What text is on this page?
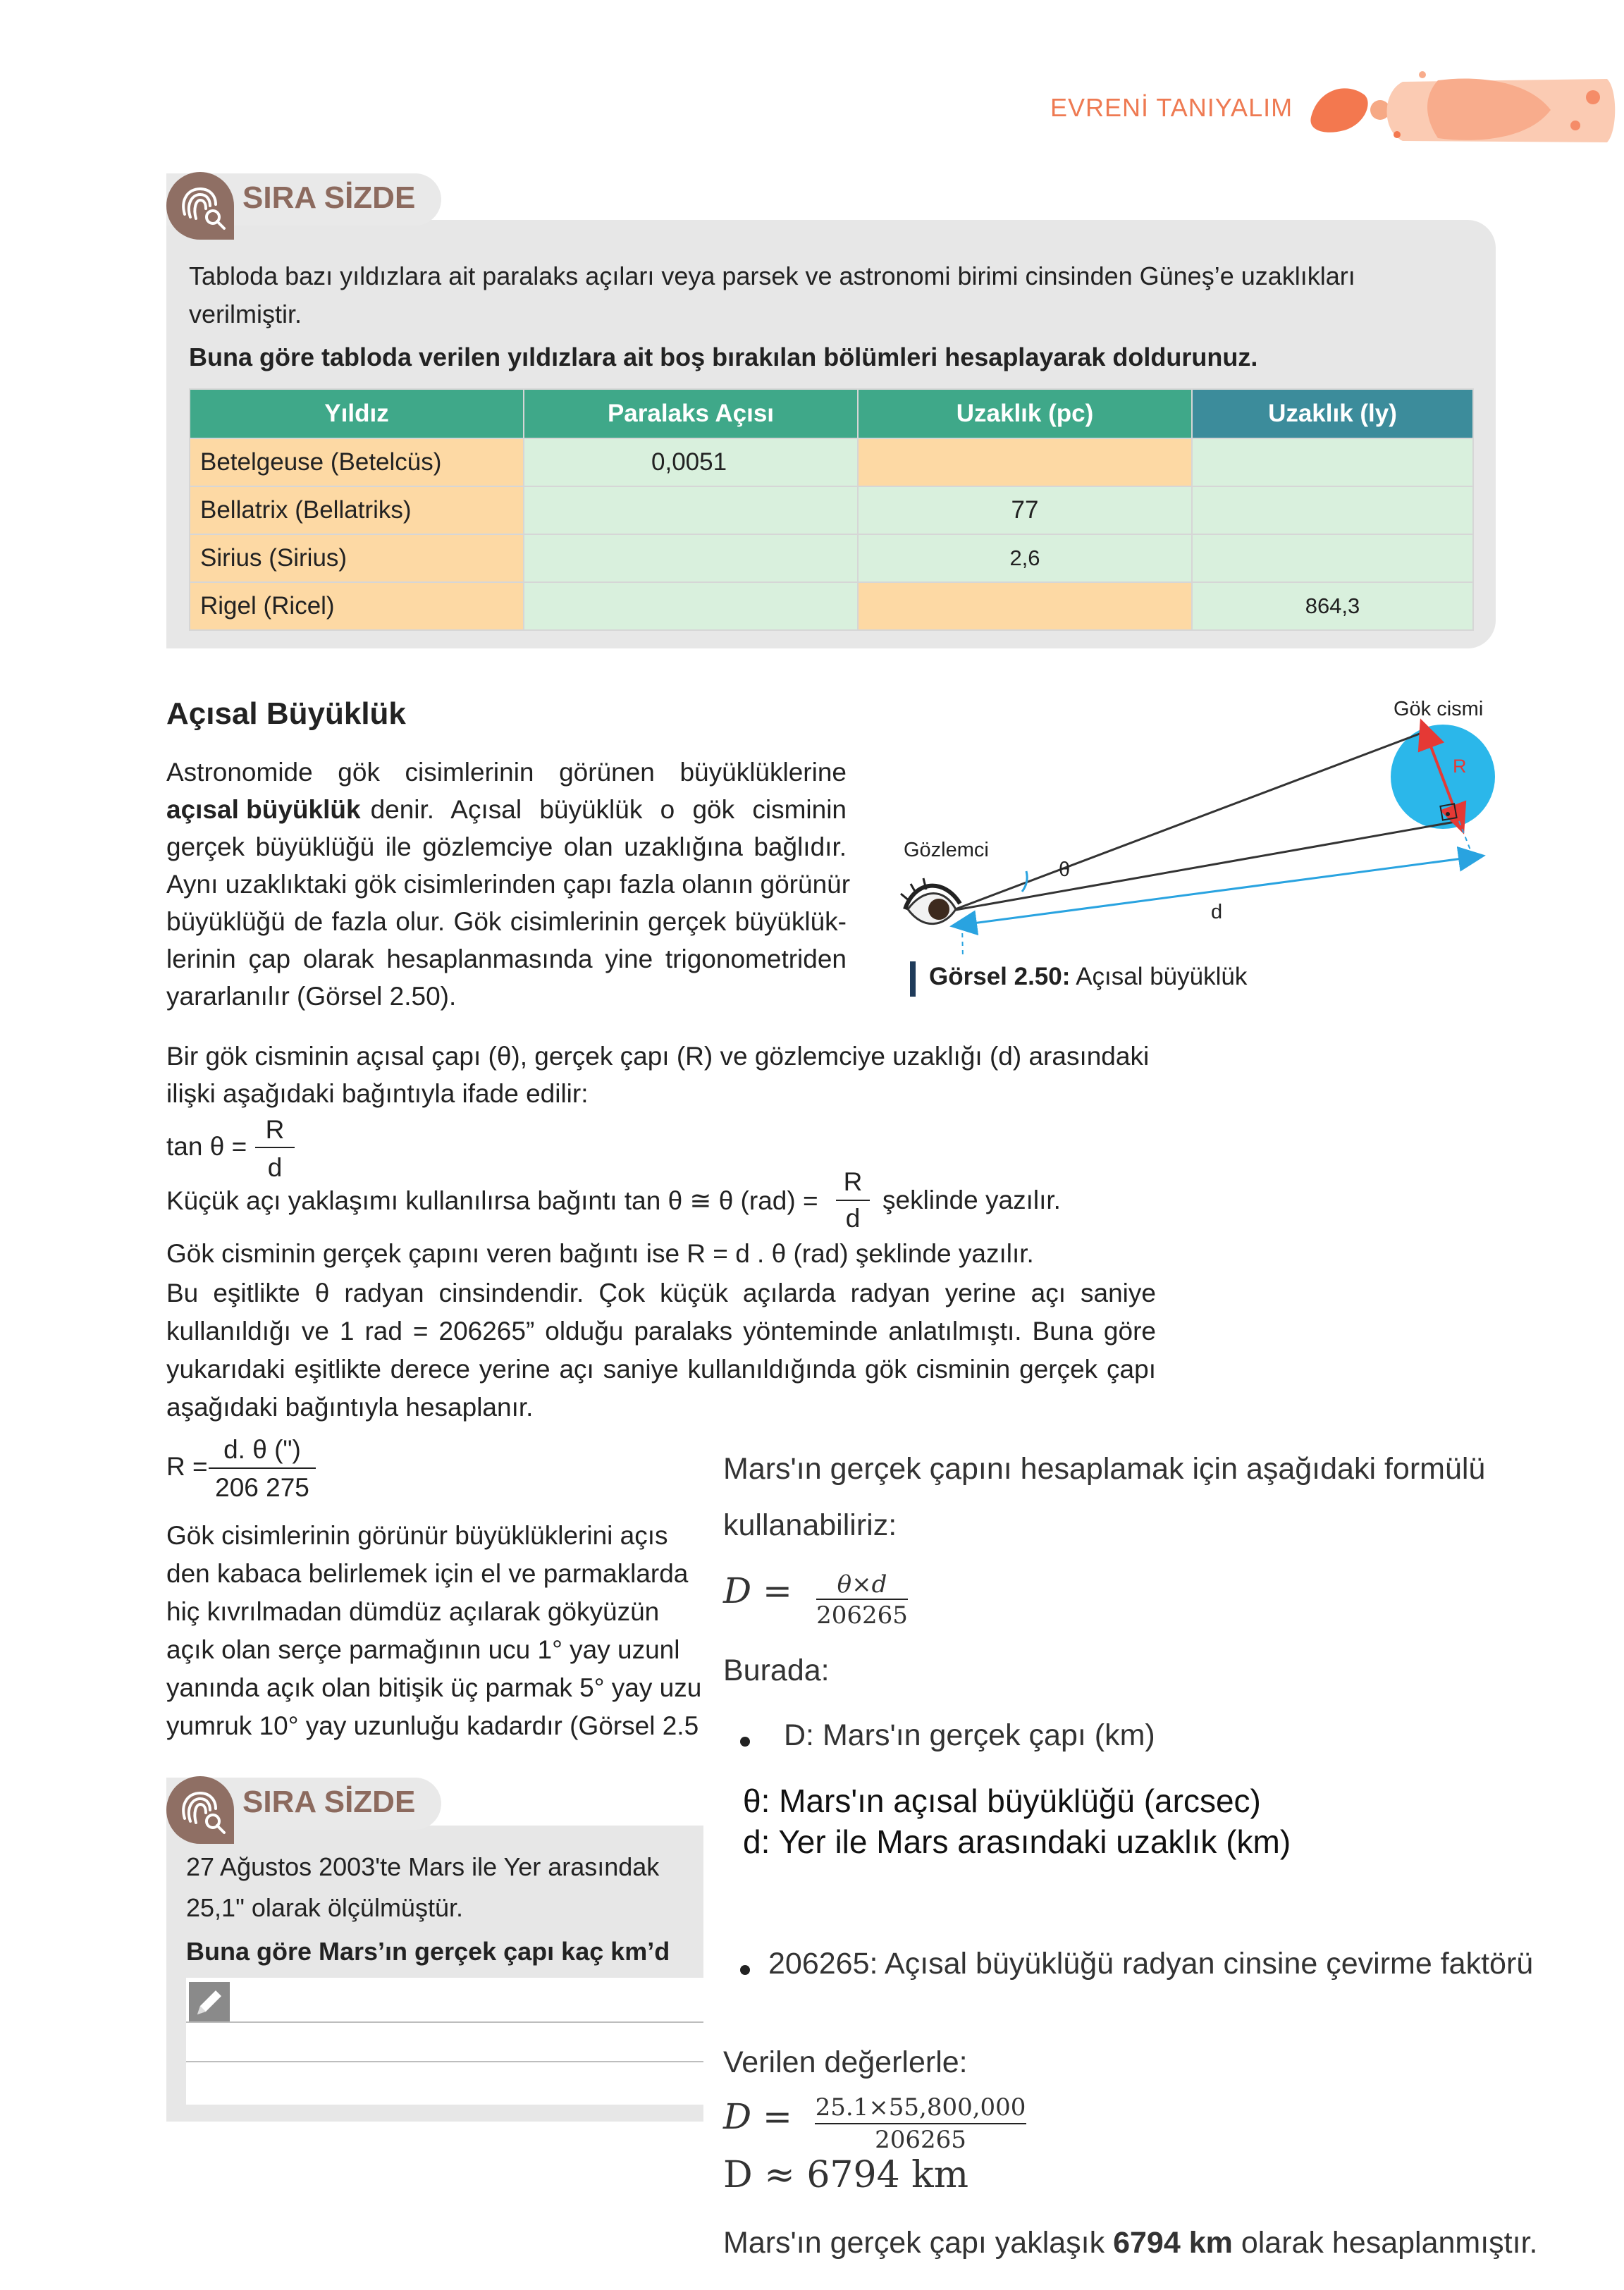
EVRENİ TANIYALIM
SIRA SİZDE
Tabloda bazı yıldızlara ait paralaks açıları veya parsek ve astronomi birimi cinsinden Güneş’e uzaklıkları
verilmiştir.
Buna göre tabloda verilen yıldızlara ait boş bırakılan bölümleri hesaplayarak doldurunuz.
Yıldız	Paralaks Açısı	Uzaklık (pc)	Uzaklık (ly)
Betelgeuse (Betelcüs)	0,0051		
Bellatrix (Bellatriks)		77	
Sirius (Sirius)		2,6	
Rigel (Ricel)			864,3
Açısal Büyüklük
Astronomide gök cisimlerinin görünen büyüklüklerine
açısal büyüklük denir. Açısal büyüklük o gök cisminin
gerçek büyüklüğü ile gözlemciye olan uzaklığına bağlıdır.
Aynı uzaklıktaki gök cisimlerinden çapı fazla olanın görünür
büyüklüğü de fazla olur. Gök cisimlerinin gerçek büyüklük-
lerinin çap olarak hesaplanmasında yine trigonometriden
yararlanılır (Görsel 2.50).
Gözlemci
Gök cismi
θ
d
R
Görsel 2.50: Açısal büyüklük
Bir gök cisminin açısal çapı (θ), gerçek çapı (R) ve gözlemciye uzaklığı (d) arasındaki
ilişki aşağıdaki bağıntıyla ifade edilir:
tan θ =
R
d
Küçük açı yaklaşımı kullanılırsa bağıntı tan θ ≅ θ (rad) =
R
d
şeklinde yazılır.
Gök cisminin gerçek çapını veren bağıntı ise R = d . θ (rad) şeklinde yazılır.
Bu eşitlikte θ radyan cinsindendir. Çok küçük açılarda radyan yerine açı saniye
kullanıldığı ve 1 rad = 206265” olduğu paralaks yönteminde anlatılmıştı. Buna göre
yukarıdaki eşitlikte derece yerine açı saniye kullanıldığında gök cisminin gerçek çapı
aşağıdaki bağıntıyla hesaplanır.
R =
d. θ (")
206 275
Gök cisimlerinin görünür büyüklüklerini açıs
den kabaca belirlemek için el ve parmaklarda
hiç kıvrılmadan dümdüz açılarak gökyüzün
açık olan serçe parmağının ucu 1° yay uzunl
yanında açık olan bitişik üç parmak 5° yay uzu
yumruk 10° yay uzunluğu kadardır (Görsel 2.5
SIRA SİZDE
27 Ağustos 2003'te Mars ile Yer arasındak
25,1" olarak ölçülmüştür.
Buna göre Mars’ın gerçek çapı kaç km’d
Mars'ın gerçek çapını hesaplamak için aşağıdaki formülü
kullanabiliriz:
D =	θ×d
206265
Burada:
D: Mars'ın gerçek çapı (km)
θ: Mars'ın açısal büyüklüğü (arcsec)
d: Yer ile Mars arasındaki uzaklık (km)
206265: Açısal büyüklüğü radyan cinsine çevirme faktörü
Verilen değerlerle:
D = 25.1×55,800,000
206265
D ≈ 6794 km
Mars'ın gerçek çapı yaklaşık 6794 km olarak hesaplanmıştır.
